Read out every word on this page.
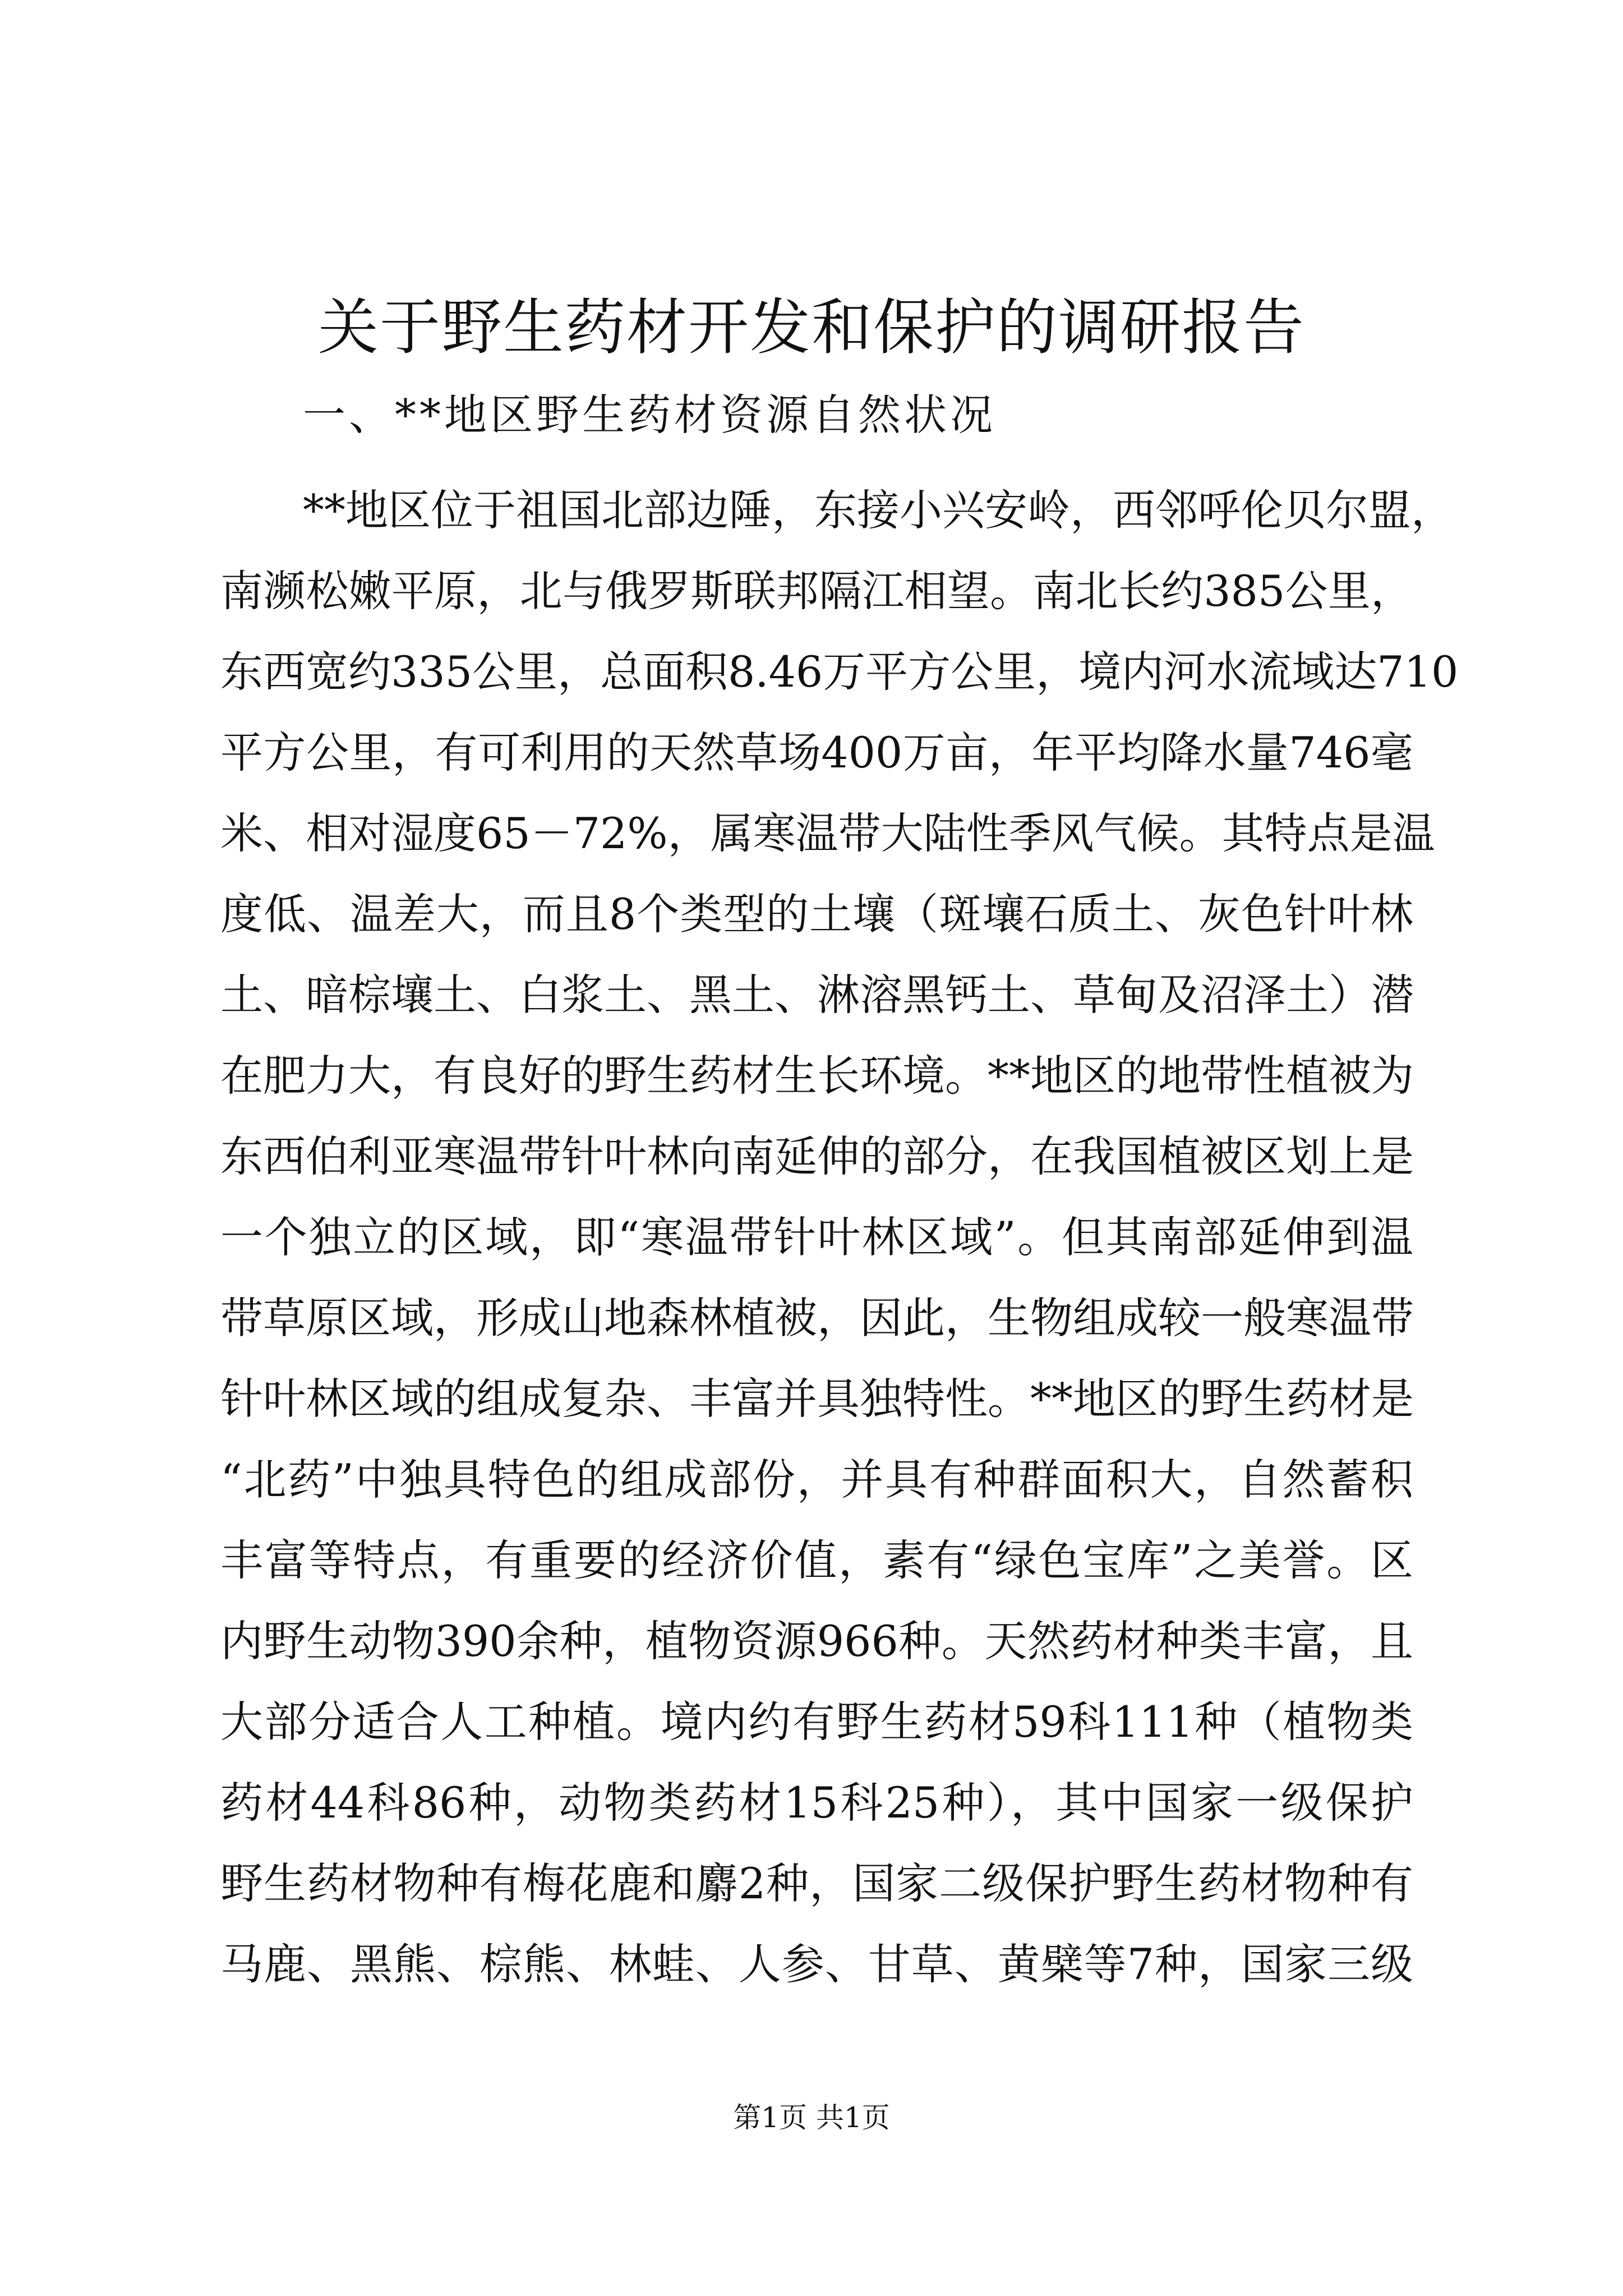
关于野生药材开发和保护的调研报告

一、**地区野生药材资源自然状况

**地区位于祖国北部边陲，东接小兴安岭，西邻呼伦贝尔盟，
南濒松嫩平原，北与俄罗斯联邦隔江相望。南北长约385公里，
东西宽约335公里，总面积8.46万平方公里，境内河水流域达710
平方公里，有可利用的天然草场400万亩，年平均降水量746毫
米、相对湿度65－72%，属寒温带大陆性季风气候。其特点是温
度低、温差大，而且8个类型的土壤（斑壤石质土、灰色针叶林
土、暗棕壤土、白浆土、黑土、淋溶黑钙土、草甸及沼泽土）潜
在肥力大，有良好的野生药材生长环境。**地区的地带性植被为
东西伯利亚寒温带针叶林向南延伸的部分，在我国植被区划上是
一个独立的区域，即“寒温带针叶林区域”。但其南部延伸到温
带草原区域，形成山地森林植被，因此，生物组成较一般寒温带
针叶林区域的组成复杂、丰富并具独特性。**地区的野生药材是
“北药”中独具特色的组成部份，并具有种群面积大，自然蓄积
丰富等特点，有重要的经济价值，素有“绿色宝库”之美誉。区
内野生动物390余种，植物资源966种。天然药材种类丰富，且
大部分适合人工种植。境内约有野生药材59科111种（植物类
药材44科86种，动物类药材15科25种），其中国家一级保护
野生药材物种有梅花鹿和麝2种，国家二级保护野生药材物种有
马鹿、黑熊、棕熊、林蛙、人参、甘草、黄檗等7种，国家三级

第1页 共1页
